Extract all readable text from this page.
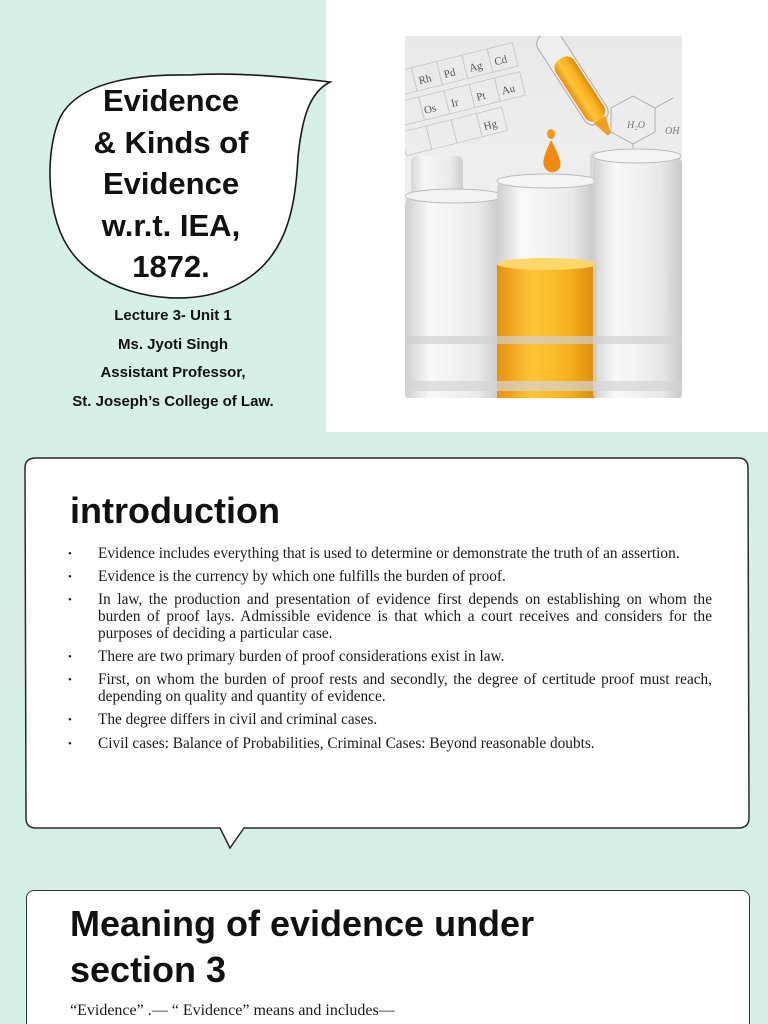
Evidence
& Kinds of
Evidence
w.r.t. IEA,
1872.
Lecture 3- Unit 1
Ms. Jyoti Singh
Assistant Professor,
St. Joseph’s College of Law.
Rh Pd Ag Cd
Os Ir Pt Au
Hg	H₂O
OH
introduction
• Evidence includes everything that is used to determine or demonstrate the truth of an assertion.
• Evidence is the currency by which one fulfills the burden of proof.
• In law, the production and presentation of evidence first depends on establishing on whom the burden of proof lays. Admissible evidence is that which a court receives and considers for the purposes of deciding a particular case.
• There are two primary burden of proof considerations exist in law.
• First, on whom the burden of proof rests and secondly, the degree of certitude proof must reach, depending on quality and quantity of evidence.
• The degree differs in civil and criminal cases.
• Civil cases: Balance of Probabilities, Criminal Cases: Beyond reasonable doubts.
Meaning of evidence under section 3

“Evidence” .— “ Evidence” means and includes—
